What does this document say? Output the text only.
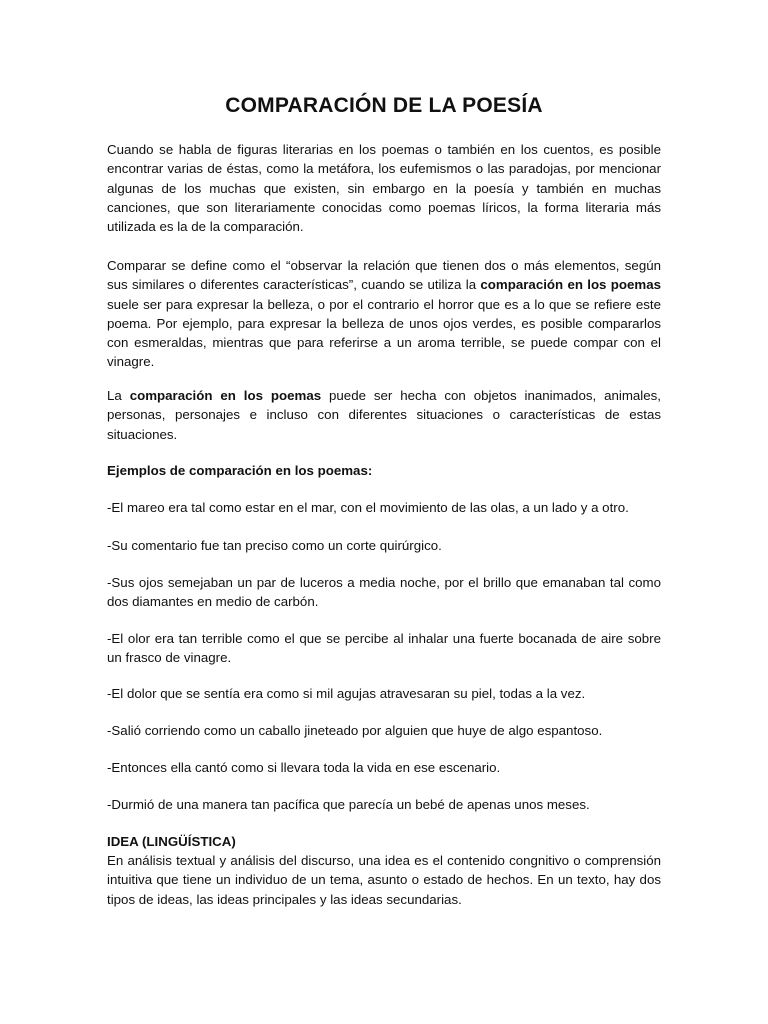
COMPARACIÓN DE LA POESÍA

Cuando se habla de figuras literarias en los poemas o también en los cuentos, es posible encontrar varias de éstas, como la metáfora, los eufemismos o las paradojas, por mencionar algunas de los muchas que existen, sin embargo en la poesía y también en muchas canciones, que son literariamente conocidas como poemas líricos, la forma literaria más utilizada es la de la comparación.

Comparar se define como el “observar la relación que tienen dos o más elementos, según sus similares o diferentes características”, cuando se utiliza la comparación en los poemas suele ser para expresar la belleza, o por el contrario el horror que es a lo que se refiere este poema. Por ejemplo, para expresar la belleza de unos ojos verdes, es posible compararlos con esmeraldas, mientras que para referirse a un aroma terrible, se puede compar con el vinagre.

La comparación en los poemas puede ser hecha con objetos inanimados, animales, personas, personajes e incluso con diferentes situaciones o características de estas situaciones.

Ejemplos de comparación en los poemas:

-El mareo era tal como estar en el mar, con el movimiento de las olas, a un lado y a otro.

-Su comentario fue tan preciso como un corte quirúrgico.

-Sus ojos semejaban un par de luceros a media noche, por el brillo que emanaban tal como dos diamantes en medio de carbón.

-El olor era tan terrible como el que se percibe al inhalar una fuerte bocanada de aire sobre un frasco de vinagre.

-El dolor que se sentía era como si mil agujas atravesaran su piel, todas a la vez.

-Salió corriendo como un caballo jineteado por alguien que huye de algo espantoso.

-Entonces ella cantó como si llevara toda la vida en ese escenario.

-Durmió de una manera tan pacífica que parecía un bebé de apenas unos meses.

IDEA (LINGÜÍSTICA)

En análisis textual y análisis del discurso, una idea es el contenido congnitivo o comprensión intuitiva que tiene un individuo de un tema, asunto o estado de hechos. En un texto, hay dos tipos de ideas, las ideas principales y las ideas secundarias.
